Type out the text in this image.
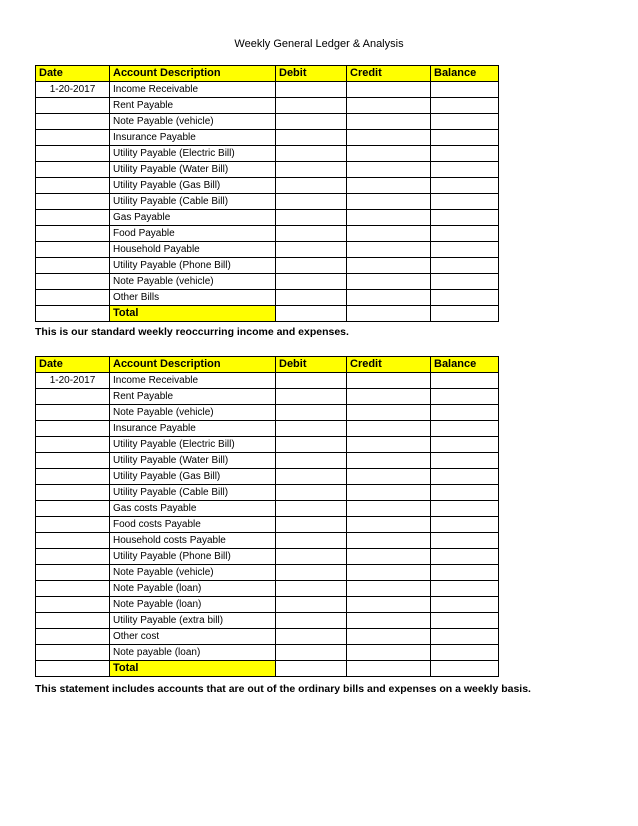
Weekly General Ledger & Analysis
Date	Account Description	Debit	Credit	Balance
1-20-2017	Income Receivable			
	Rent Payable			
	Note Payable (vehicle)			
	Insurance Payable			
	Utility Payable (Electric Bill)			
	Utility Payable (Water Bill)			
	Utility Payable (Gas Bill)			
	Utility Payable (Cable Bill)			
	Gas Payable			
	Food Payable			
	Household Payable			
	Utility Payable (Phone Bill)			
	Note Payable (vehicle)			
	Other Bills			
	Total			
This is our standard weekly reoccurring income and expenses.
Date	Account Description	Debit	Credit	Balance
1-20-2017	Income Receivable			
	Rent Payable			
	Note Payable (vehicle)			
	Insurance Payable			
	Utility Payable (Electric Bill)			
	Utility Payable (Water Bill)			
	Utility Payable (Gas Bill)			
	Utility Payable (Cable Bill)			
	Gas costs Payable			
	Food costs Payable			
	Household costs Payable			
	Utility Payable (Phone Bill)			
	Note Payable (vehicle)			
	Note Payable (loan)			
	Note Payable (loan)			
	Utility Payable (extra bill)			
	Other cost			
	Note payable (loan)			
	Total			
This statement includes accounts that are out of the ordinary bills and expenses on a weekly basis.
